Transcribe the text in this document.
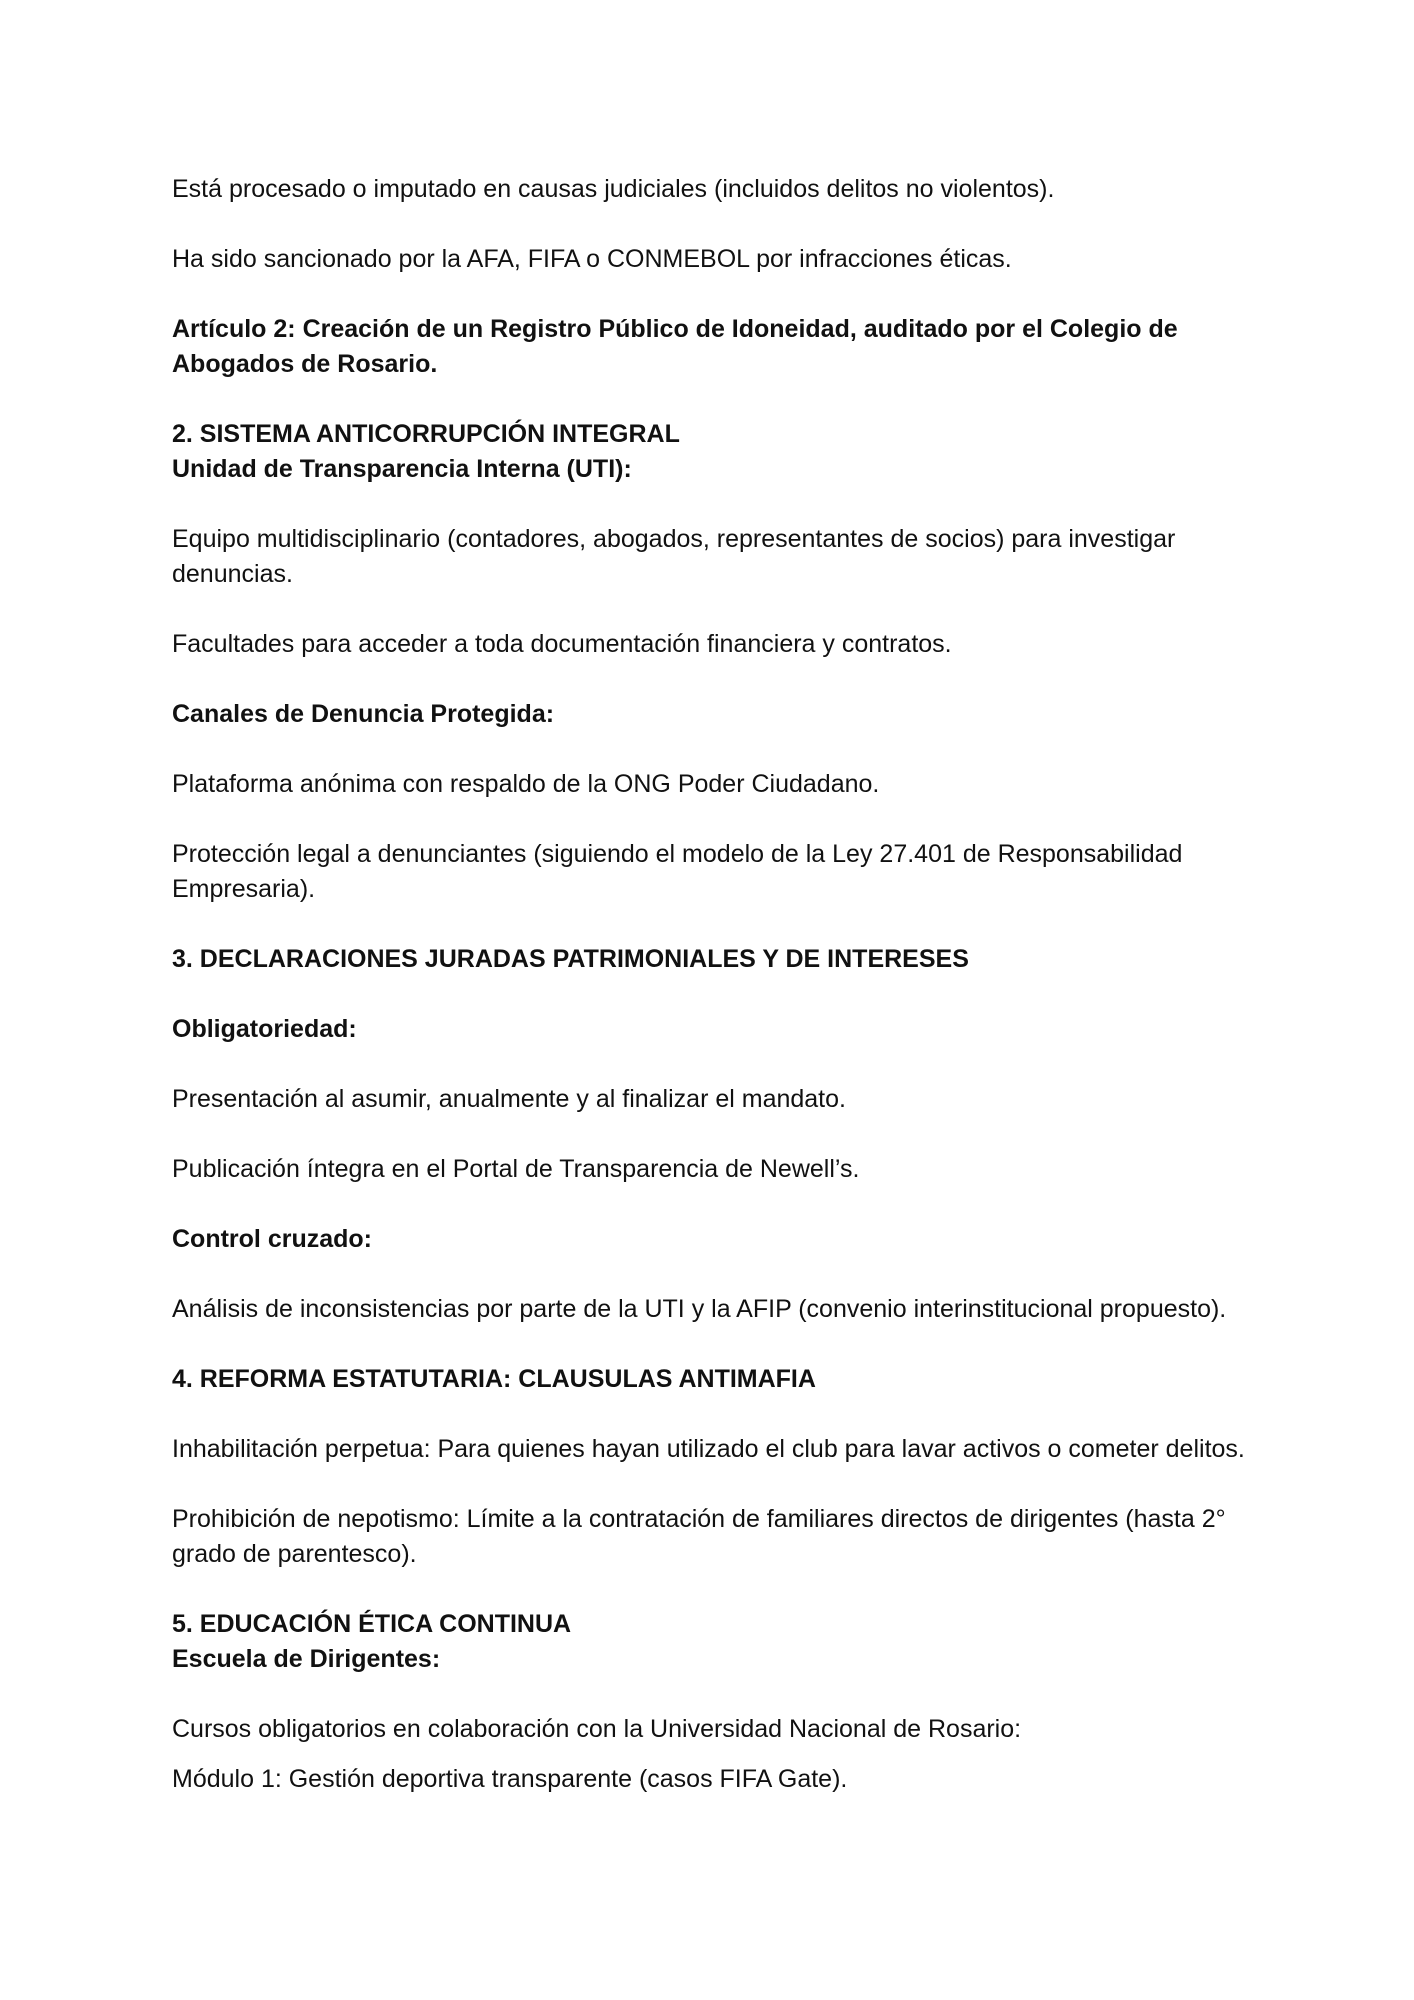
Está procesado o imputado en causas judiciales (incluidos delitos no violentos).

Ha sido sancionado por la AFA, FIFA o CONMEBOL por infracciones éticas.

Artículo 2: Creación de un Registro Público de Idoneidad, auditado por el Colegio de Abogados de Rosario.

2. SISTEMA ANTICORRUPCIÓN INTEGRAL

Unidad de Transparencia Interna (UTI):

Equipo multidisciplinario (contadores, abogados, representantes de socios) para investigar denuncias.

Facultades para acceder a toda documentación financiera y contratos.

Canales de Denuncia Protegida:

Plataforma anónima con respaldo de la ONG Poder Ciudadano.

Protección legal a denunciantes (siguiendo el modelo de la Ley 27.401 de Responsabilidad Empresaria).

3. DECLARACIONES JURADAS PATRIMONIALES Y DE INTERESES

Obligatoriedad:

Presentación al asumir, anualmente y al finalizar el mandato.

Publicación íntegra en el Portal de Transparencia de Newell’s.

Control cruzado:

Análisis de inconsistencias por parte de la UTI y la AFIP (convenio interinstitucional propuesto).

4. REFORMA ESTATUTARIA: CLAUSULAS ANTIMAFIA

Inhabilitación perpetua: Para quienes hayan utilizado el club para lavar activos o cometer delitos.

Prohibición de nepotismo: Límite a la contratación de familiares directos de dirigentes (hasta 2° grado de parentesco).

5. EDUCACIÓN ÉTICA CONTINUA

Escuela de Dirigentes:

Cursos obligatorios en colaboración con la Universidad Nacional de Rosario:

Módulo 1: Gestión deportiva transparente (casos FIFA Gate).
